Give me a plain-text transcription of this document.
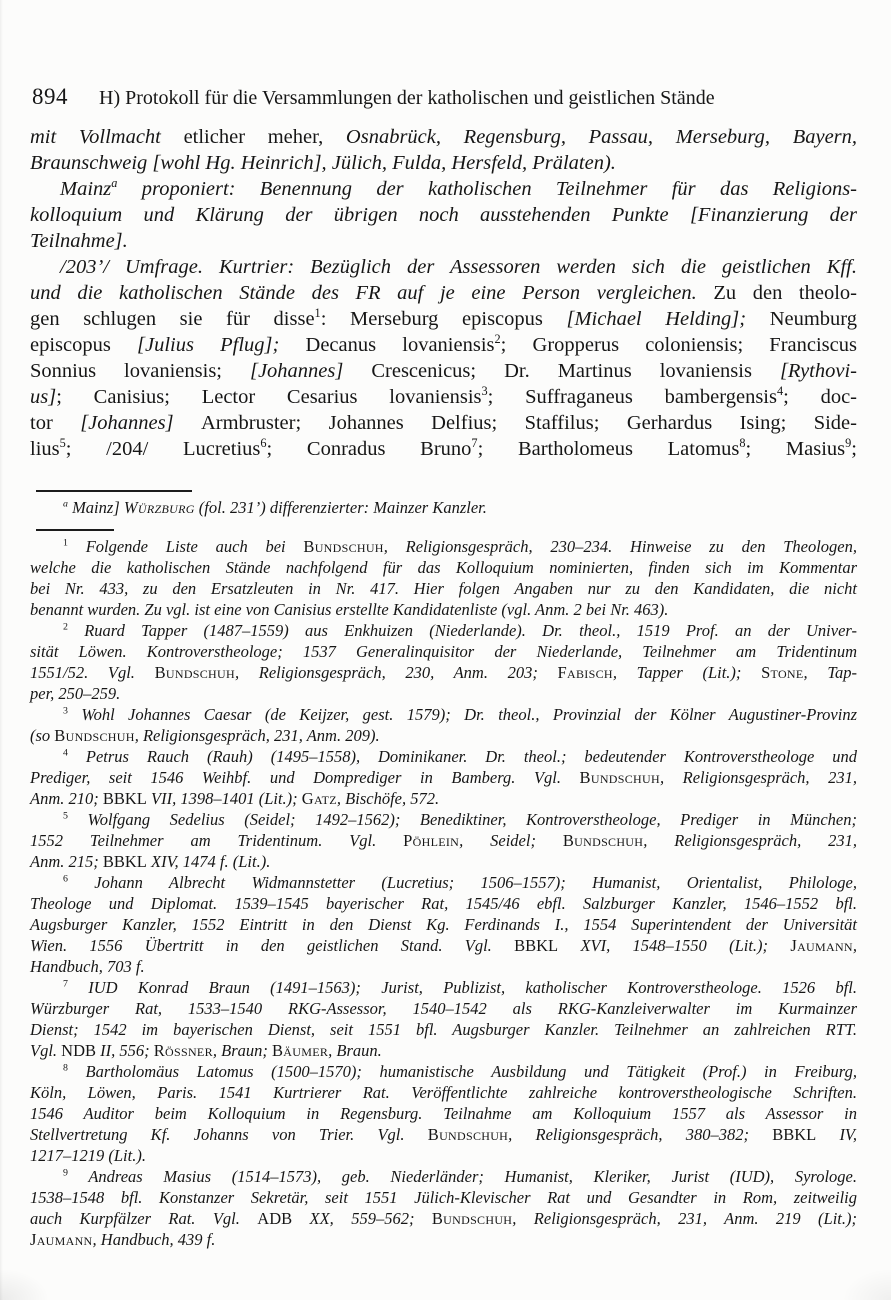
894 H) Protokoll für die Versammlungen der katholischen und geistlichen Stände
mit Vollmacht etlicher meher, Osnabrück, Regensburg, Passau, Merseburg, Bayern,
Braunschweig [wohl Hg. Heinrich], Jülich, Fulda, Hersfeld, Prälaten).
Mainz$^a$ proponiert: Benennung der katholischen Teilnehmer für das Religions-
kolloquium und Klärung der übrigen noch ausstehenden Punkte [Finanzierung der
Teilnahme].
/203’/ Umfrage. Kurtrier: Bezüglich der Assessoren werden sich die geistlichen Kff.
und die katholischen Stände des FR auf je eine Person vergleichen. Zu den theolo-
gen schlugen sie für disse$^1$: Merseburg episcopus [Michael Helding]; Neumburg
episcopus [Julius Pflug]; Decanus lovaniensis$^2$; Gropperus coloniensis; Franciscus
Sonnius lovaniensis; [Johannes] Crescenicus; Dr. Martinus lovaniensis [Rythovi-
us]; Canisius; Lector Cesarius lovaniensis$^3$; Suffraganeus bambergensis$^4$; doc-
tor [Johannes] Armbruster; Johannes Delfius; Staffilus; Gerhardus Ising; Side-
lius$^5$; /204/ Lucretius$^6$; Conradus Bruno$^7$; Bartholomeus Latomus$^8$; Masius$^9$;
$^a$ Mainz] Würzburg (fol. 231’) differenzierter: Mainzer Kanzler.
$^1$ Folgende Liste auch bei Bundschuh, Religionsgespräch, 230–234. Hinweise zu den Theologen,
welche die katholischen Stände nachfolgend für das Kolloquium nominierten, finden sich im Kommentar
bei Nr. 433, zu den Ersatzleuten in Nr. 417. Hier folgen Angaben nur zu den Kandidaten, die nicht
benannt wurden. Zu vgl. ist eine von Canisius erstellte Kandidatenliste (vgl. Anm. 2 bei Nr. 463).
$^2$ Ruard Tapper (1487–1559) aus Enkhuizen (Niederlande). Dr. theol., 1519 Prof. an der Univer-
sität Löwen. Kontroverstheologe; 1537 Generalinquisitor der Niederlande, Teilnehmer am Tridentinum
1551/52. Vgl. Bundschuh, Religionsgespräch, 230, Anm. 203; Fabisch, Tapper (Lit.); Stone, Tap-
per, 250–259.
$^3$ Wohl Johannes Caesar (de Keijzer, gest. 1579); Dr. theol., Provinzial der Kölner Augustiner-Provinz
(so Bundschuh, Religionsgespräch, 231, Anm. 209).
$^4$ Petrus Rauch (Rauh) (1495–1558), Dominikaner. Dr. theol.; bedeutender Kontroverstheologe und
Prediger, seit 1546 Weihbf. und Domprediger in Bamberg. Vgl. Bundschuh, Religionsgespräch, 231,
Anm. 210; BBKL VII, 1398–1401 (Lit.); Gatz, Bischöfe, 572.
$^5$ Wolfgang Sedelius (Seidel; 1492–1562); Benediktiner, Kontroverstheologe, Prediger in München;
1552 Teilnehmer am Tridentinum. Vgl. Pöhlein, Seidel; Bundschuh, Religionsgespräch, 231,
Anm. 215; BBKL XIV, 1474 f. (Lit.).
$^6$ Johann Albrecht Widmannstetter (Lucretius; 1506–1557); Humanist, Orientalist, Philologe,
Theologe und Diplomat. 1539–1545 bayerischer Rat, 1545/46 ebfl. Salzburger Kanzler, 1546–1552 bfl.
Augsburger Kanzler, 1552 Eintritt in den Dienst Kg. Ferdinands I., 1554 Superintendent der Universität
Wien. 1556 Übertritt in den geistlichen Stand. Vgl. BBKL XVI, 1548–1550 (Lit.); Jaumann,
Handbuch, 703 f.
$^7$ IUD Konrad Braun (1491–1563); Jurist, Publizist, katholischer Kontroverstheologe. 1526 bfl.
Würzburger Rat, 1533–1540 RKG-Assessor, 1540–1542 als RKG-Kanzleiverwalter im Kurmainzer
Dienst; 1542 im bayerischen Dienst, seit 1551 bfl. Augsburger Kanzler. Teilnehmer an zahlreichen RTT.
Vgl. NDB II, 556; Rössner, Braun; Bäumer, Braun.
$^8$ Bartholomäus Latomus (1500–1570); humanistische Ausbildung und Tätigkeit (Prof.) in Freiburg,
Köln, Löwen, Paris. 1541 Kurtrierer Rat. Veröffentlichte zahlreiche kontroverstheologische Schriften.
1546 Auditor beim Kolloquium in Regensburg. Teilnahme am Kolloquium 1557 als Assessor in
Stellvertretung Kf. Johanns von Trier. Vgl. Bundschuh, Religionsgespräch, 380–382; BBKL IV,
1217–1219 (Lit.).
$^9$ Andreas Masius (1514–1573), geb. Niederländer; Humanist, Kleriker, Jurist (IUD), Syrologe.
1538–1548 bfl. Konstanzer Sekretär, seit 1551 Jülich-Klevischer Rat und Gesandter in Rom, zeitweilig
auch Kurpfälzer Rat. Vgl. ADB XX, 559–562; Bundschuh, Religionsgespräch, 231, Anm. 219 (Lit.);
Jaumann, Handbuch, 439 f.
